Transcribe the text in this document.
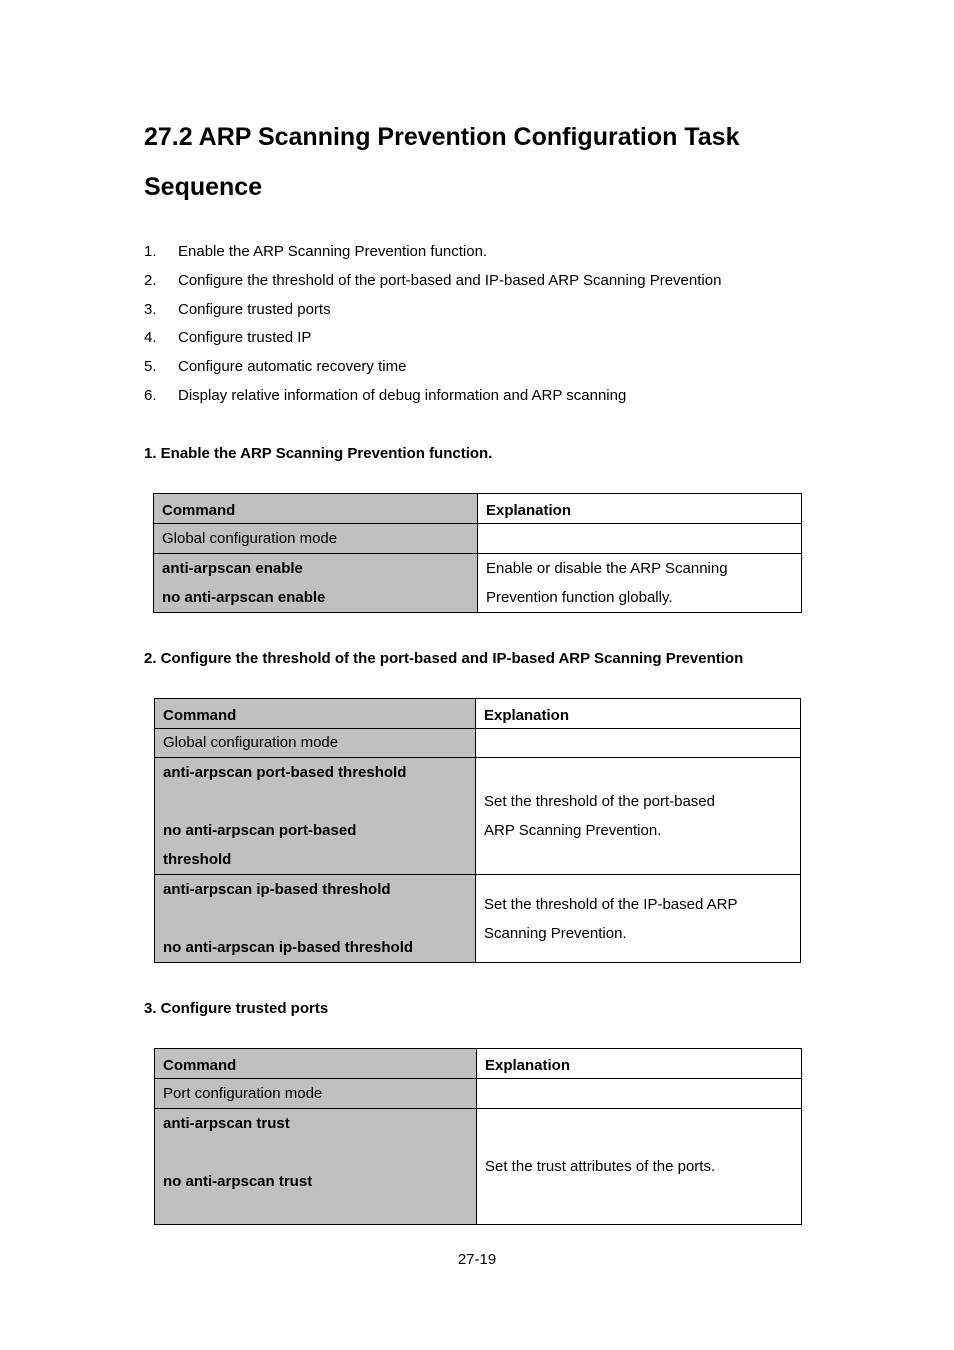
27.2 ARP Scanning Prevention Configuration Task Sequence
1. Enable the ARP Scanning Prevention function.
2. Configure the threshold of the port-based and IP-based ARP Scanning Prevention
3. Configure trusted ports
4. Configure trusted IP
5. Configure automatic recovery time
6. Display relative information of debug information and ARP scanning
1. Enable the ARP Scanning Prevention function.
Command	Explanation
Global configuration mode	

anti-arpscan enable
no anti-arpscan enable	Enable or disable the ARP Scanning
Prevention function globally.
2. Configure the threshold of the port-based and IP-based ARP Scanning Prevention
Command	Explanation
Global configuration mode	

anti-arpscan port-based threshold

no anti-arpscan port-based
threshold	Set the threshold of the port-based
ARP Scanning Prevention.

anti-arpscan ip-based threshold

no anti-arpscan ip-based threshold	Set the threshold of the IP-based ARP
Scanning Prevention.
3. Configure trusted ports
Command	Explanation
Port configuration mode	

anti-arpscan trust

no anti-arpscan trust	Set the trust attributes of the ports.
27-19
